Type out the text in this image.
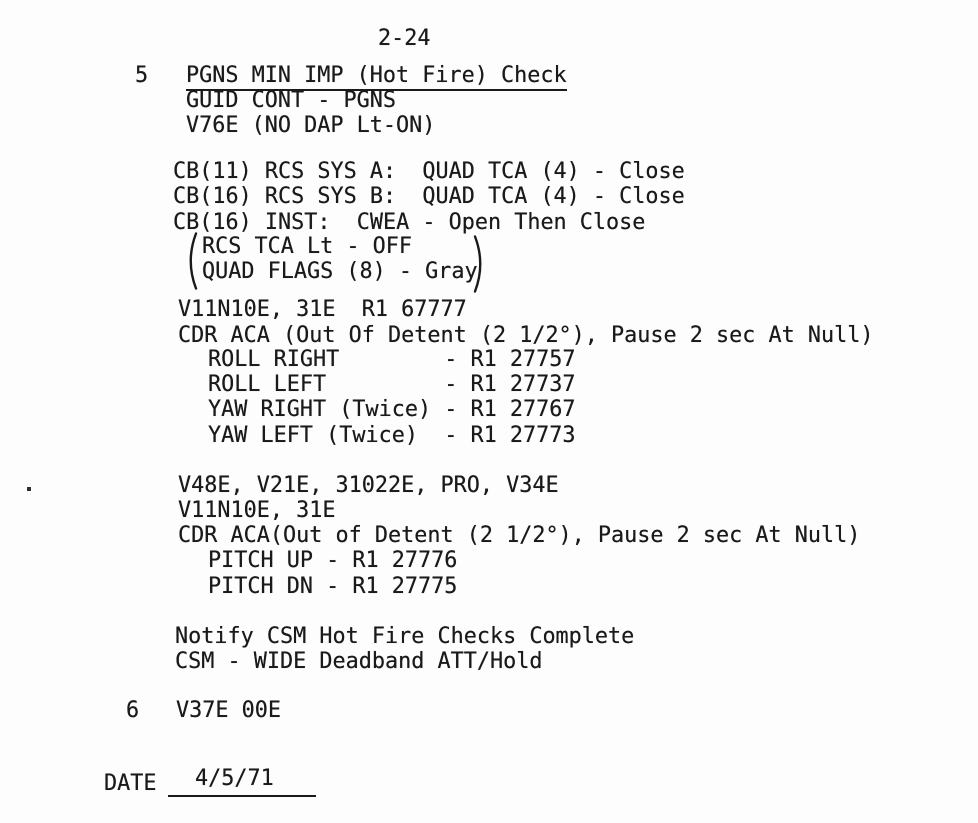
2-24
5 PGNS MIN IMP (Hot Fire) Check
GUID CONT - PGNS
V76E (NO DAP Lt-ON)
CB(11) RCS SYS A:  QUAD TCA (4) - Close
CB(16) RCS SYS B:  QUAD TCA (4) - Close
CB(16) INST:  CWEA - Open Then Close
RCS TCA Lt - OFF
QUAD FLAGS (8) - Gray
V11N10E, 31E  R1 67777
CDR ACA (Out Of Detent (2 1/2°), Pause 2 sec At Null)
ROLL RIGHT        - R1 27757
ROLL LEFT         - R1 27737
YAW RIGHT (Twice) - R1 27767
YAW LEFT (Twice)  - R1 27773
V48E, V21E, 31022E, PRO, V34E
V11N10E, 31E
CDR ACA(Out of Detent (2 1/2°), Pause 2 sec At Null)
PITCH UP - R1 27776
PITCH DN - R1 27775
Notify CSM Hot Fire Checks Complete
CSM - WIDE Deadband ATT/Hold
6 V37E 00E
DATE 4/5/71
